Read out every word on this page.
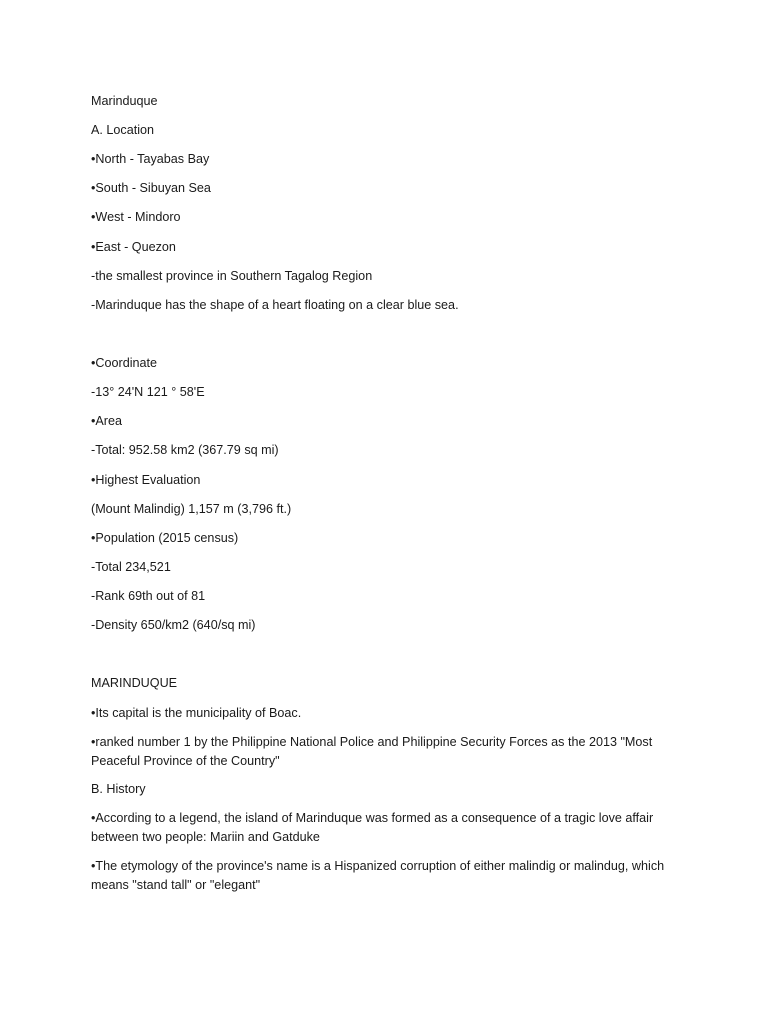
Marinduque
A. Location
•North - Tayabas Bay
•South - Sibuyan Sea
•West - Mindoro
•East - Quezon
-the smallest province in Southern Tagalog Region
-Marinduque has the shape of a heart floating on a clear blue sea.
•Coordinate
-13° 24'N 121 ° 58'E
•Area
-Total: 952.58 km2 (367.79 sq mi)
•Highest Evaluation
(Mount Malindig) 1,157 m (3,796 ft.)
•Population (2015 census)
-Total 234,521
-Rank 69th out of 81
-Density 650/km2 (640/sq mi)
MARINDUQUE
•Its capital is the municipality of Boac.
•ranked number 1 by the Philippine National Police and Philippine Security Forces as the 2013 "Most Peaceful Province of the Country"
B. History
•According to a legend, the island of Marinduque was formed as a consequence of a tragic love affair between two people: Mariin and Gatduke
•The etymology of the province's name is a Hispanized corruption of either malindig or malindug, which means "stand tall" or "elegant"
